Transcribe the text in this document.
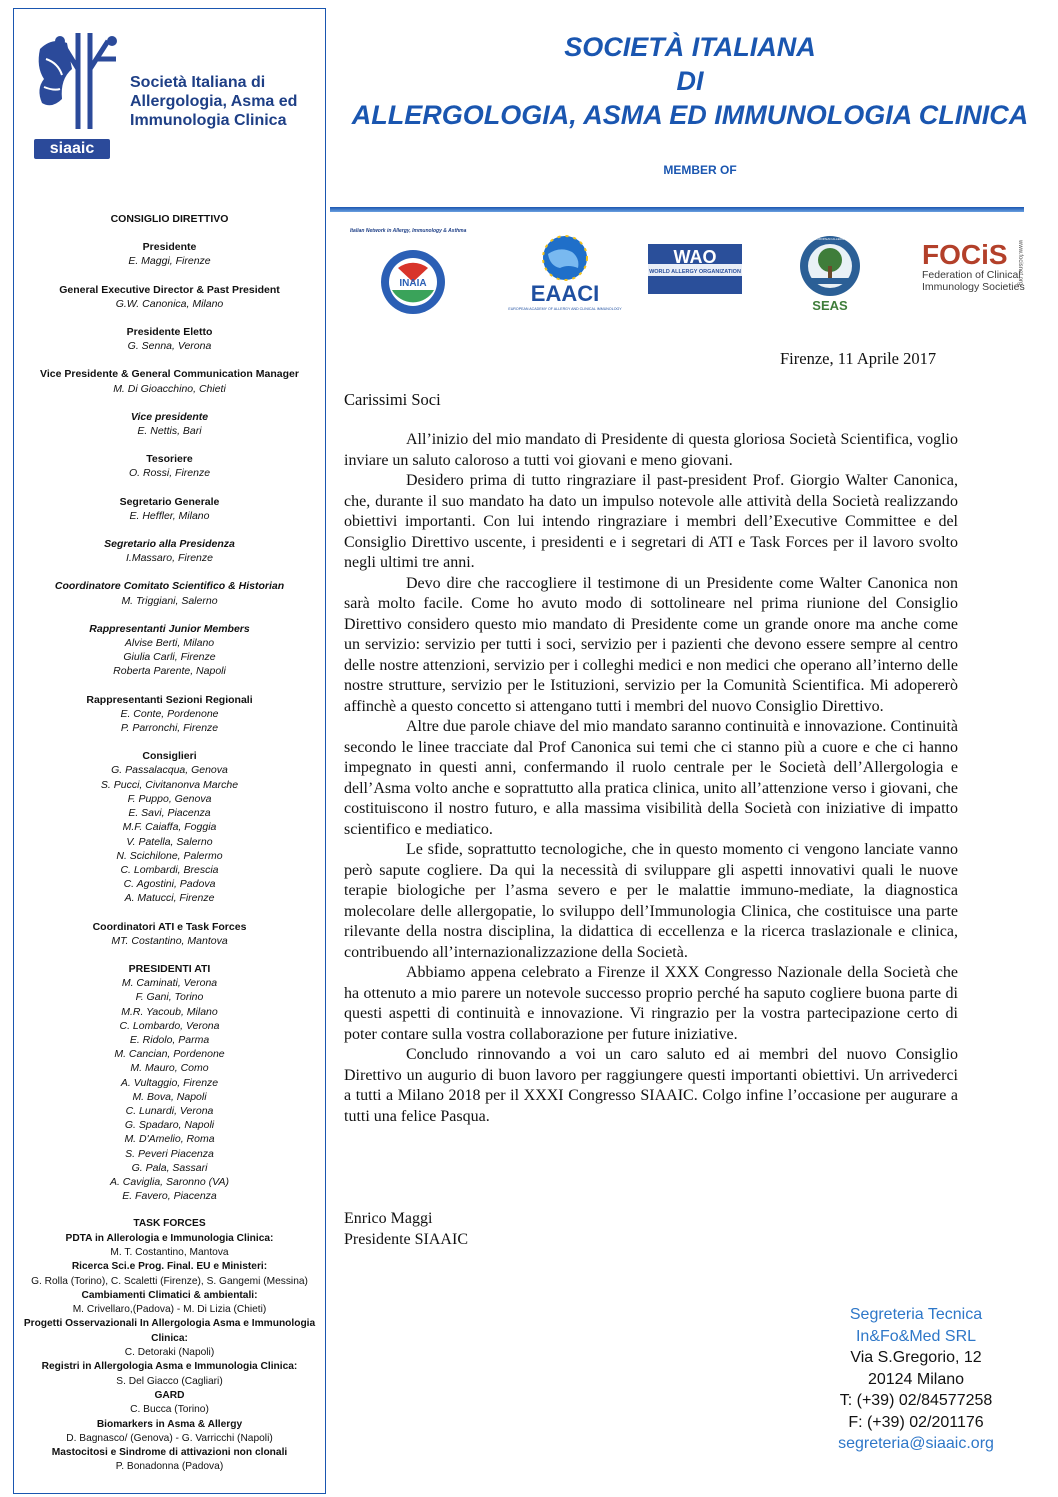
Società Italiana di
Allergologia, Asma ed
Immunologia Clinica
siaaic
CONSIGLIO DIRETTIVO
Presidente
E. Maggi, Firenze
General Executive Director & Past President
G.W. Canonica, Milano
Presidente Eletto
G. Senna, Verona
Vice Presidente & General Communication Manager
M. Di Gioacchino, Chieti
Vice presidente
E. Nettis, Bari
Tesoriere
O. Rossi, Firenze
Segretario Generale
E. Heffler, Milano
Segretario alla Presidenza
I.Massaro, Firenze
Coordinatore Comitato Scientifico & Historian
M. Triggiani, Salerno
Rappresentanti Junior Members
Alvise Berti, Milano
Giulia Carli, Firenze
Roberta Parente, Napoli
Rappresentanti Sezioni Regionali
E. Conte, Pordenone
P. Parronchi, Firenze
Consiglieri
G. Passalacqua, Genova
S. Pucci, Civitanonva Marche
F. Puppo, Genova
E. Savi, Piacenza
M.F. Caiaffa, Foggia
V. Patella, Salerno
N. Scichilone, Palermo
C. Lombardi, Brescia
C. Agostini, Padova
A. Matucci, Firenze
Coordinatori ATI e Task Forces
MT. Costantino, Mantova
PRESIDENTI ATI
M. Caminati, Verona
F. Gani, Torino
M.R. Yacoub, Milano
C. Lombardo, Verona
E. Ridolo, Parma
M. Cancian, Pordenone
M. Mauro, Como
A. Vultaggio, Firenze
M. Bova, Napoli
C. Lunardi, Verona
G. Spadaro, Napoli
M. D'Amelio, Roma
S. Peveri Piacenza
G. Pala, Sassari
A. Caviglia, Saronno (VA)
E. Favero, Piacenza
TASK FORCES
PDTA in Allerologia e Immunologia Clinica:
M. T. Costantino, Mantova
Ricerca Sci.e Prog. Final. EU e Ministeri:
G. Rolla (Torino), C. Scaletti (Firenze), S. Gangemi (Messina)
Cambiamenti Climatici & ambientali:
M. Crivellaro,(Padova) - M. Di Lizia (Chieti)
Progetti Osservazionali In Allergologia Asma e Immunologia Clinica:
C. Detoraki (Napoli)
Registri in Allergologia Asma e Immunologia Clinica:
S. Del Giacco (Cagliari)
GARD
C. Bucca (Torino)
Biomarkers in Asma & Allergy
D. Bagnasco/ (Genova) - G. Varricchi (Napoli)
Mastocitosi e Sindrome di attivazioni non clonali
P. Bonadonna (Padova)
SOCIETÀ ITALIANA
DI
ALLERGOLOGIA, ASMA ED IMMUNOLOGIA CLINICA
MEMBER OF
Italian Network in Allergy, Immunology & Asthma
INAIA	EAACI
EUROPEAN ACADEMY OF ALLERGY AND CLINICAL IMMUNOLOGY
WAO
WORLD ALLERGY ORGANIZATION
SEAS
SOUTHERN EUROPEAN ALLERGY SOCIETIES FOCiS
Federation of Clinical
Immunology Societies
www.focisnet.org
Firenze, 11 Aprile 2017
Carissimi Soci

All’inizio del mio mandato di Presidente di questa gloriosa Società Scientifica, voglio inviare un saluto caloroso a tutti voi giovani e meno giovani.

Desidero prima di tutto ringraziare il past-president Prof. Giorgio Walter Canonica, che, durante il suo mandato ha dato un impulso notevole alle attività della Società realizzando obiettivi importanti. Con lui intendo ringraziare i membri dell’Executive Committee e del Consiglio Direttivo uscente, i presidenti e i segretari di ATI e Task Forces per il lavoro svolto negli ultimi tre anni.

Devo dire che raccogliere il testimone di un Presidente come Walter Canonica non sarà molto facile. Come ho avuto modo di sottolineare nel prima riunione del Consiglio Direttivo considero questo mio mandato di Presidente come un grande onore ma anche come un servizio: servizio per tutti i soci, servizio per i pazienti che devono essere sempre al centro delle nostre attenzioni, servizio per i colleghi medici e non medici che operano all’interno delle nostre strutture, servizio per le Istituzioni, servizio per la Comunità Scientifica. Mi adopererò affinchè a questo concetto si attengano tutti i membri del nuovo Consiglio Direttivo.

Altre due parole chiave del mio mandato saranno continuità e innovazione. Continuità secondo le linee tracciate dal Prof Canonica sui temi che ci stanno più a cuore e che ci hanno impegnato in questi anni, confermando il ruolo centrale per le Società dell’Allergologia e dell’Asma volto anche e soprattutto alla pratica clinica, unito all’attenzione verso i giovani, che costituiscono il nostro futuro, e alla massima visibilità della Società con iniziative di impatto scientifico e mediatico.

Le sfide, soprattutto tecnologiche, che in questo momento ci vengono lanciate vanno però sapute cogliere. Da qui la necessità di sviluppare gli aspetti innovativi quali le nuove terapie biologiche per l’asma severo e per le malattie immuno-mediate, la diagnostica molecolare delle allergopatie, lo sviluppo dell’Immunologia Clinica, che costituisce una parte rilevante della nostra disciplina, la didattica di eccellenza e la ricerca traslazionale e clinica, contribuendo all’internazionalizzazione della Società.

Abbiamo appena celebrato a Firenze il XXX Congresso Nazionale della Società che ha ottenuto a mio parere un notevole successo proprio perché ha saputo cogliere buona parte di questi aspetti di continuità e innovazione. Vi ringrazio per la vostra partecipazione certo di poter contare sulla vostra collaborazione per future iniziative.

Concludo rinnovando a voi un caro saluto ed ai membri del nuovo Consiglio Direttivo un augurio di buon lavoro per raggiungere questi importanti obiettivi. Un arrivederci a tutti a Milano 2018 per il XXXI Congresso SIAAIC. Colgo infine l’occasione per augurare a tutti una felice Pasqua.

Enrico Maggi
Presidente SIAAIC
Segreteria Tecnica
In&Fo&Med SRL
Via S.Gregorio, 12
20124 Milano
T: (+39) 02/84577258
F: (+39) 02/201176
segreteria@siaaic.org
